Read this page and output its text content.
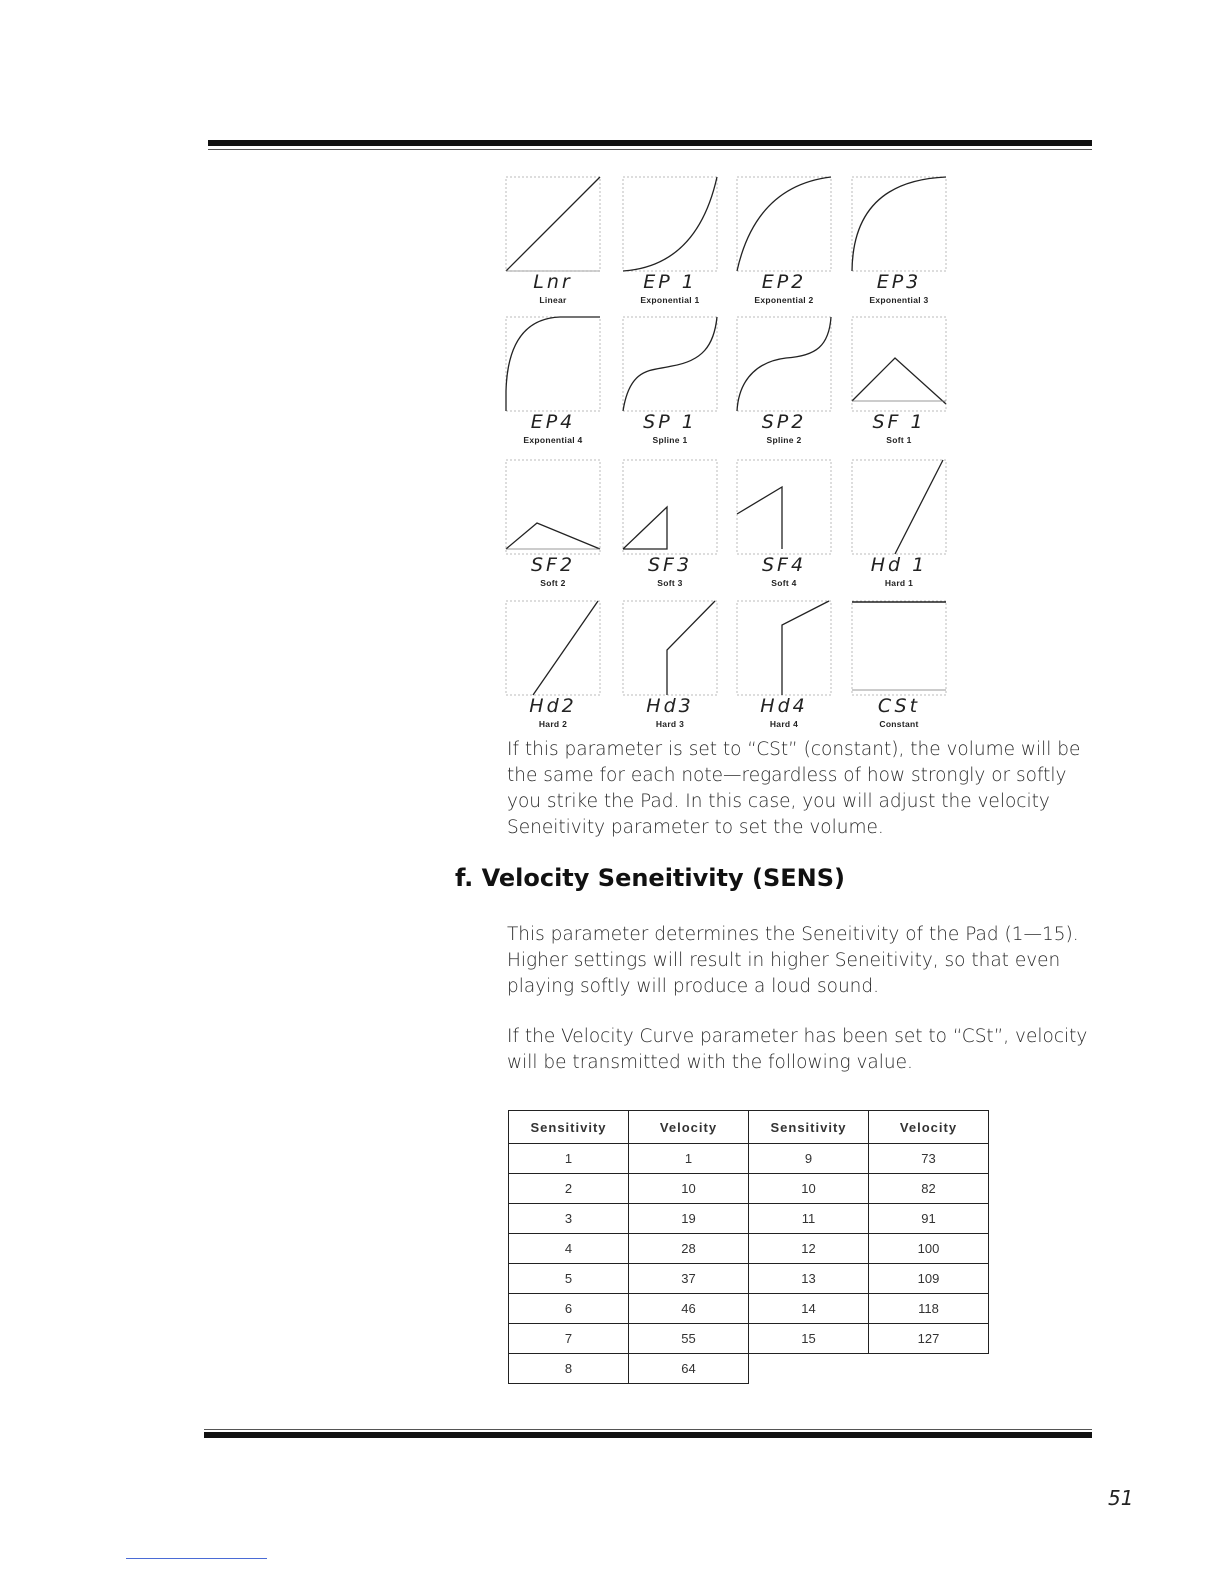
Lnr
Linear
EP 1
Exponential 1
EP2
Exponential 2
EP3
Exponential 3
EP4
Exponential 4
SP 1
Spline 1
SP2
Spline 2
SF 1
Soft 1
SF2
Soft 2
SF3
Soft 3
SF4
Soft 4
Hd 1
Hard 1
Hd2
Hard 2
Hd3
Hard 3
Hd4
Hard 4
CSt
Constant
If this parameter is set to “CSt” (constant), the volume will be the same for each note—regardless of how strongly or softly you strike the Pad. In this case, you will adjust the velocity Seneitivity parameter to set the volume.
f. Velocity Seneitivity (SENS)
This parameter determines the Seneitivity of the Pad (1—15). Higher settings will result in higher Seneitivity, so that even playing softly will produce a loud sound.
If the Velocity Curve parameter has been set to “CSt”, velocity will be transmitted with the following value.
Sensitivity	Velocity	Sensitivity	Velocity
1	1	9	73
2	10	10	82
3	19	11	91
4	28	12	100
5	37	13	109
6	46	14	118
7	55	15	127
8	64		
51
